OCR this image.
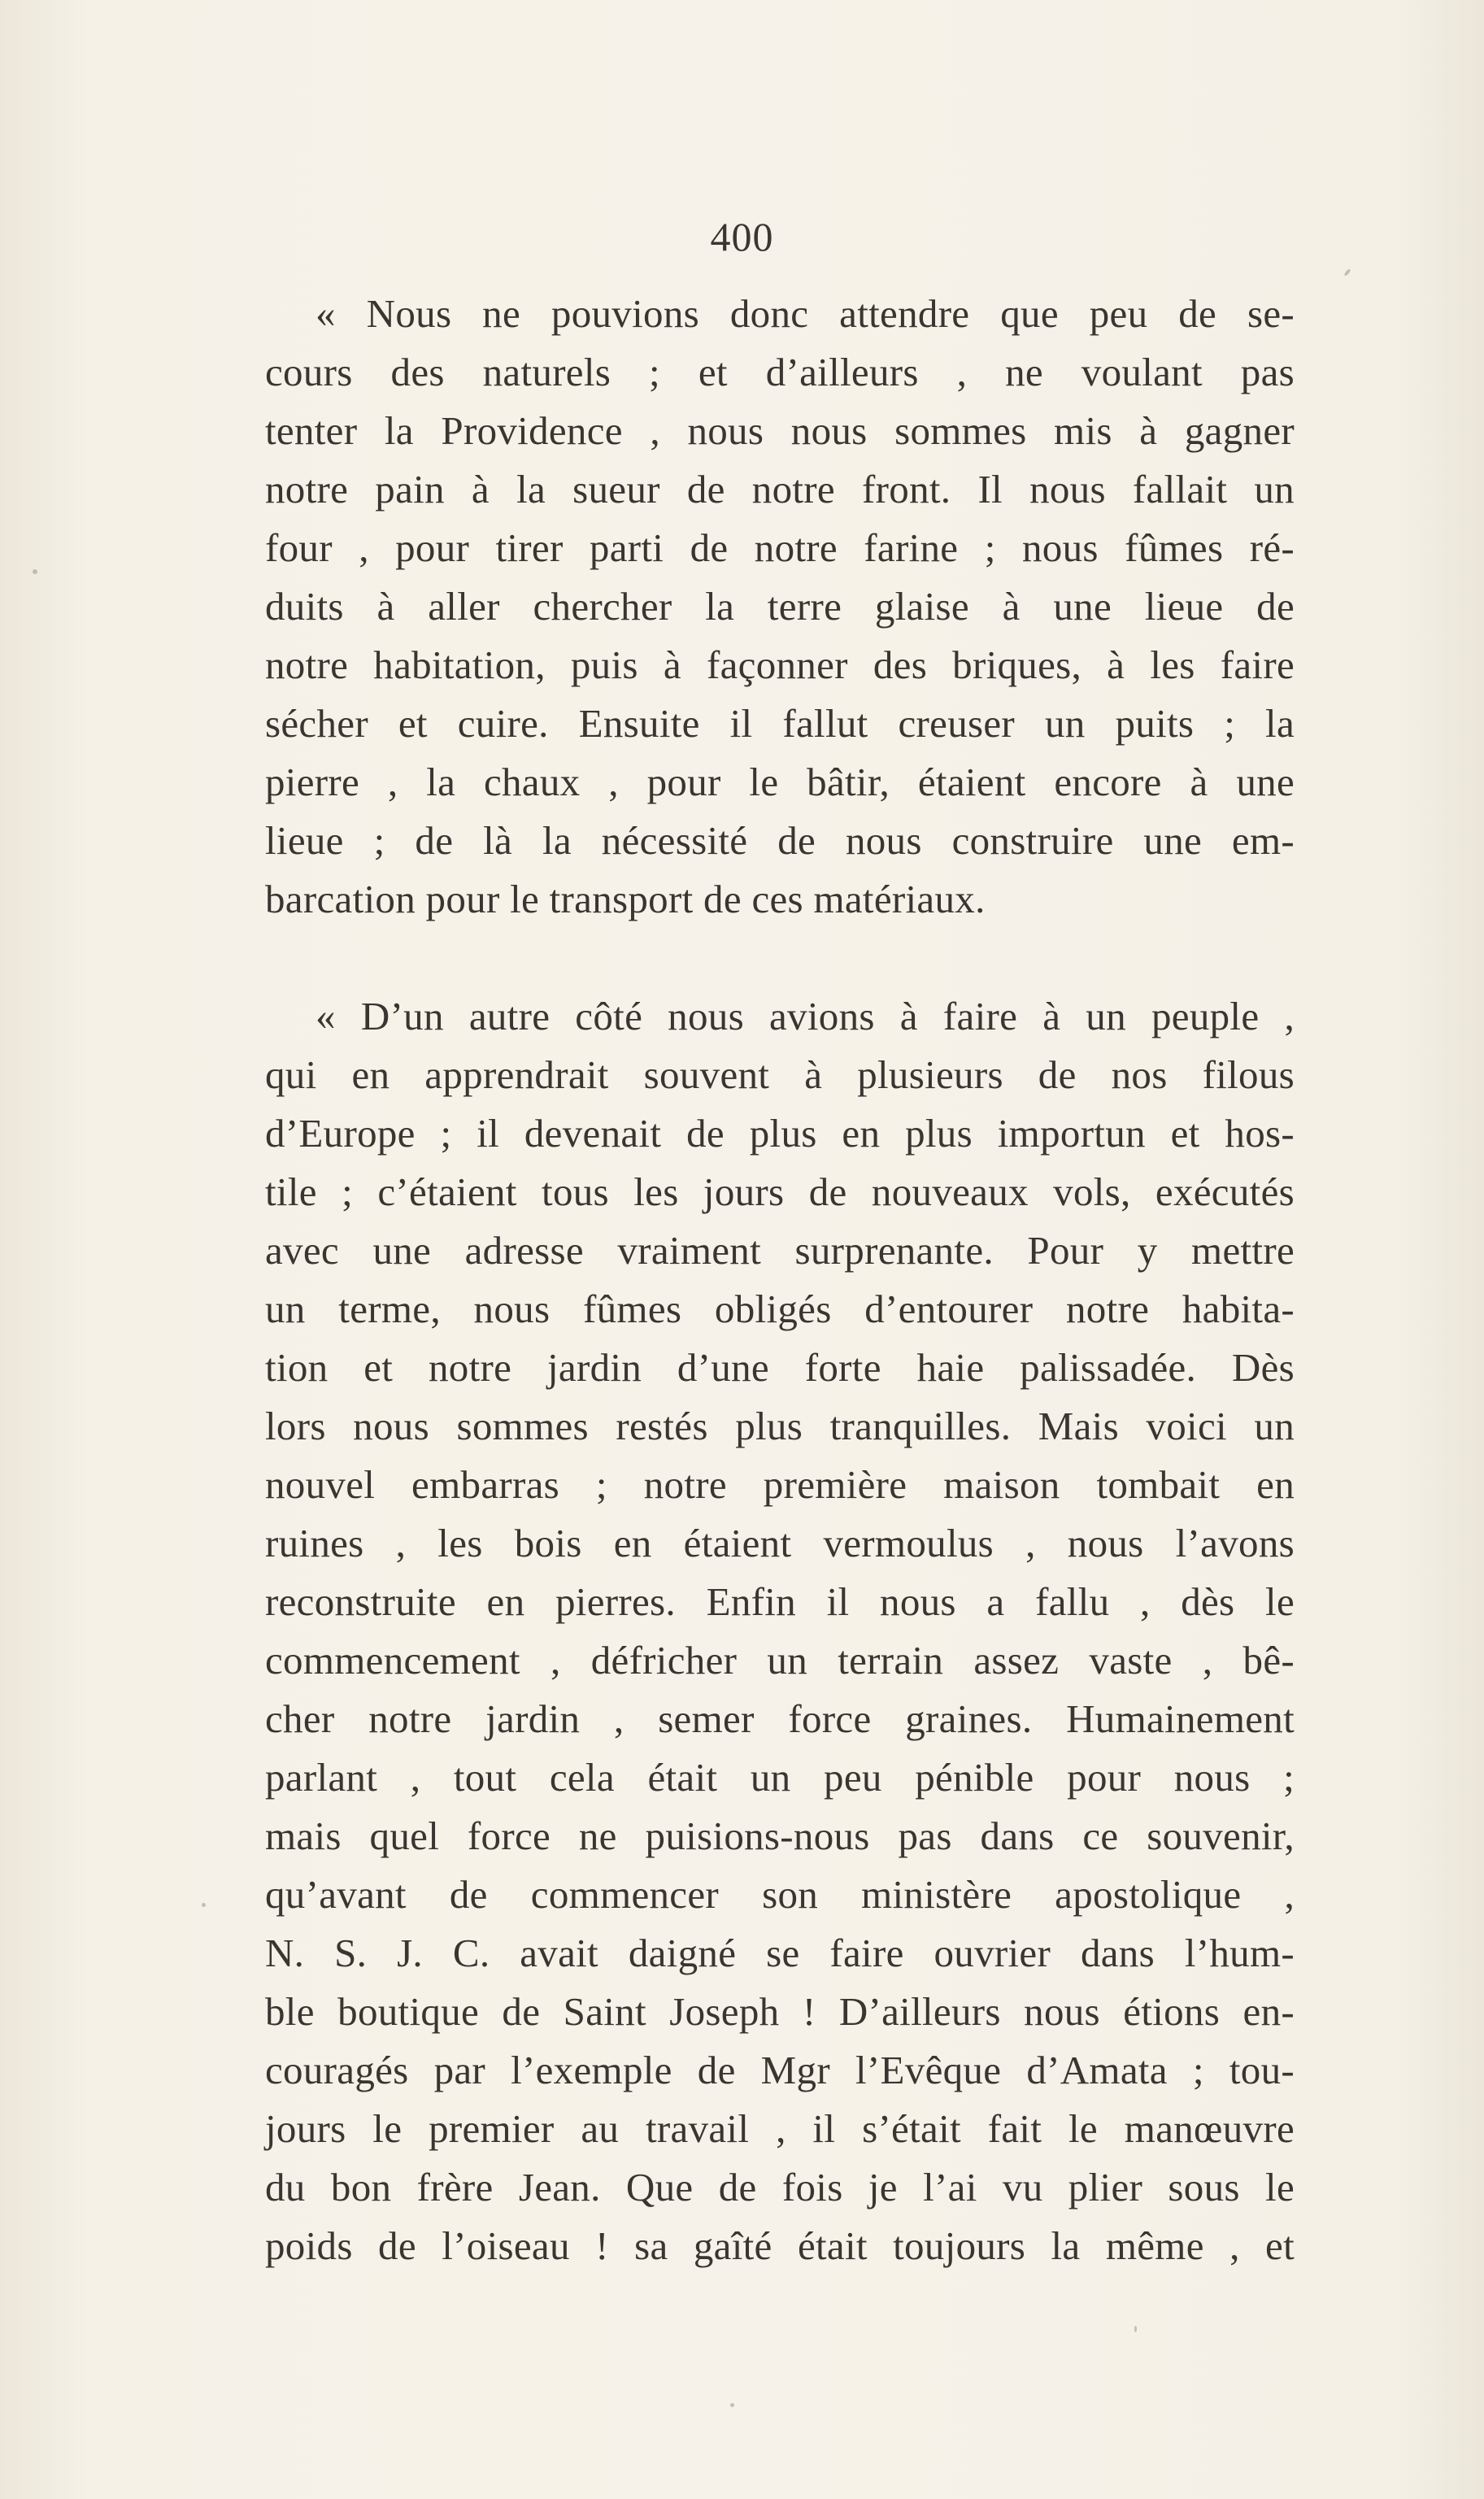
400
« Nous ne pouvions donc attendre que peu de se-
cours des naturels ; et d’ailleurs , ne voulant pas
tenter la Providence , nous nous sommes mis à gagner
notre pain à la sueur de notre front. Il nous fallait un
four , pour tirer parti de notre farine ; nous fûmes ré-
duits à aller chercher la terre glaise à une lieue de
notre habitation, puis à façonner des briques, à les faire
sécher et cuire. Ensuite il fallut creuser un puits ; la
pierre , la chaux , pour le bâtir, étaient encore à une
lieue ; de là la nécessité de nous construire une em-
barcation pour le transport de ces matériaux.
« D’un autre côté nous avions à faire à un peuple ,
qui en apprendrait souvent à plusieurs de nos filous
d’Europe ; il devenait de plus en plus importun et hos-
tile ; c’étaient tous les jours de nouveaux vols, exécutés
avec une adresse vraiment surprenante. Pour y mettre
un terme, nous fûmes obligés d’entourer notre habita-
tion et notre jardin d’une forte haie palissadée. Dès
lors nous sommes restés plus tranquilles. Mais voici un
nouvel embarras ; notre première maison tombait en
ruines , les bois en étaient vermoulus , nous l’avons
reconstruite en pierres. Enfin il nous a fallu , dès le
commencement , défricher un terrain assez vaste , bê-
cher notre jardin , semer force graines. Humainement
parlant , tout cela était un peu pénible pour nous ;
mais quel force ne puisions-nous pas dans ce souvenir,
qu’avant de commencer son ministère apostolique ,
N. S. J. C. avait daigné se faire ouvrier dans l’hum-
ble boutique de Saint Joseph ! D’ailleurs nous étions en-
couragés par l’exemple de Mgr l’Evêque d’Amata ; tou-
jours le premier au travail , il s’était fait le manœuvre
du bon frère Jean. Que de fois je l’ai vu plier sous le
poids de l’oiseau ! sa gaîté était toujours la même , et
